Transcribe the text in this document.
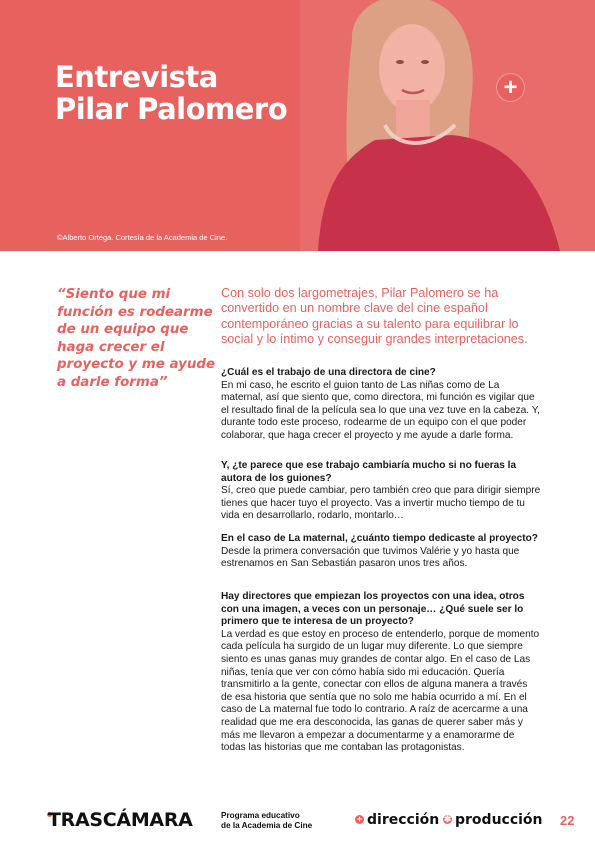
Entrevista
Pilar Palomero
+

©Alberto Ortega. Cortesía de la Academia de Cine.

“Siento que mi función es rodearme de un equipo que haga crecer el proyecto y me ayude a darle forma”

Con solo dos largometrajes, Pilar Palomero se ha convertido en un nombre clave del cine español contemporáneo gracias a su talento para equilibrar lo social y lo íntimo y conseguir grandes interpretaciones.

¿Cuál es el trabajo de una directora de cine?
En mi caso, he escrito el guion tanto de Las niñas como de La maternal, así que siento que, como directora, mi función es vigilar que el resultado final de la película sea lo que una vez tuve en la cabeza. Y, durante todo este proceso, rodearme de un equipo con el que poder colaborar, que haga crecer el proyecto y me ayude a darle forma.
Y, ¿te parece que ese trabajo cambiaría mucho si no fueras la autora de los guiones?
Sí, creo que puede cambiar, pero también creo que para dirigir siempre tienes que hacer tuyo el proyecto. Vas a invertir mucho tiempo de tu vida en desarrollarlo, rodarlo, montarlo…
En el caso de La maternal, ¿cuánto tiempo dedicaste al proyecto?
Desde la primera conversación que tuvimos Valérie y yo hasta que estrenamos en San Sebastián pasaron unos tres años.
Hay directores que empiezan los proyectos con una idea, otros con una imagen, a veces con un personaje… ¿Qué suele ser lo primero que te interesa de un proyecto?
La verdad es que estoy en proceso de entenderlo, porque de momento cada película ha surgido de un lugar muy diferente. Lo que siempre siento es unas ganas muy grandes de contar algo. En el caso de Las niñas, tenía que ver con cómo había sido mi educación. Quería transmitirlo a la gente, conectar con ellos de alguna manera a través de esa historia que sentía que no solo me había ocurrido a mí. En el caso de La maternal fue todo lo contrario. A raíz de acercarme a una realidad que me era desconocida, las ganas de querer saber más y más me llevaron a empezar a documentarme y a enamorarme de todas las historias que me contaban las protagonistas.

TRASCÁMARA	Programa educativo
de la Academia de Cine

+ dirección ✱ producción 22
